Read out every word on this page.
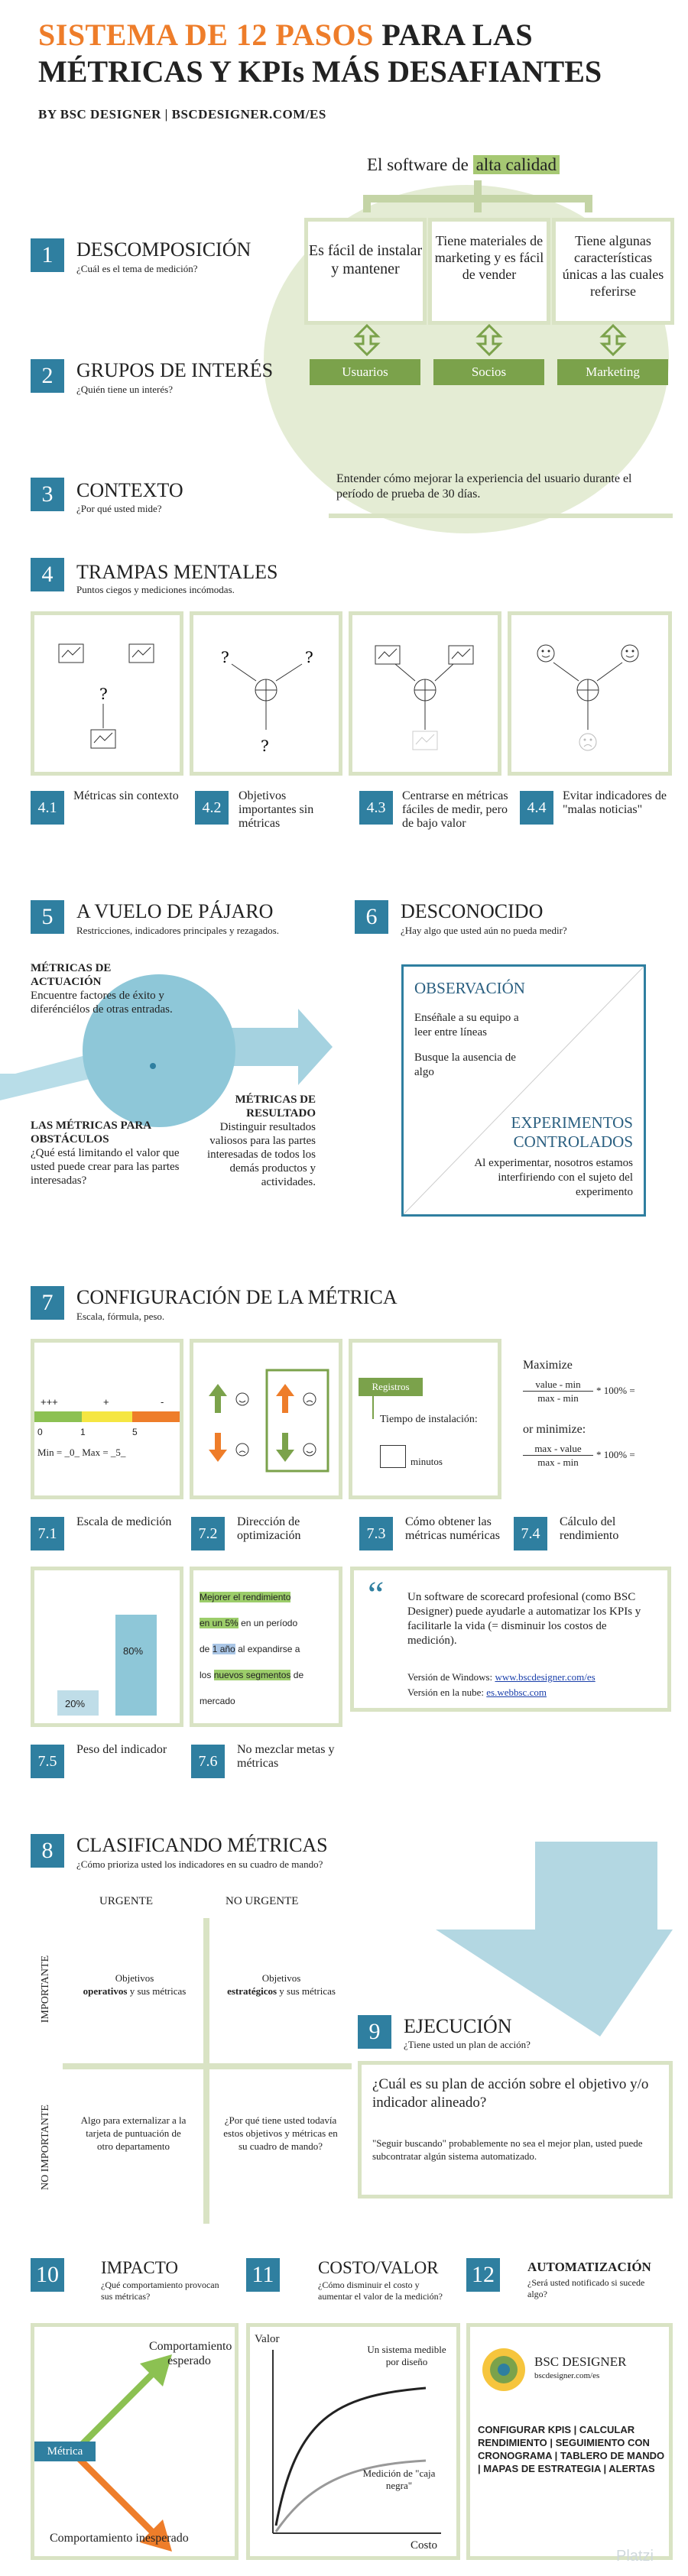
SISTEMA DE 12 PASOS PARA LAS
MÉTRICAS Y KPIs MÁS DESAFIANTES
BY BSC DESIGNER | BSCDESIGNER.COM/ES
El software de alta calidad
1	DESCOMPOSICIÓN
¿Cuál es el tema de medición?
Es fácil de instalar y mantener
Tiene materiales de marketing y es fácil de vender
Tiene algunas características únicas a las cuales referirse
Usuarios	Socios	Marketing
2	GRUPOS DE INTERÉS
¿Quién tiene un interés?
Entender cómo mejorar la experiencia del usuario durante el período de prueba de 30 días.
3	CONTEXTO
¿Por qué usted mide?
4	TRAMPAS MENTALES
Puntos ciegos y mediciones incómodas.
?
?	?
?
4.1
Métricas sin contexto
4.2
Objetivos importantes sin métricas
4.3
Centrarse en métricas fáciles de medir, pero de bajo valor
4.4
Evitar indicadores de "malas noticias"
5	A VUELO DE PÁJARO
Restricciones, indicadores principales y rezagados.
MÉTRICAS DE ACTUACIÓN
Encuentre factores de éxito y diferénciélos de otras entradas.
LAS MÉTRICAS PARA OBSTÁCULOS
¿Qué está limitando el valor que usted puede crear para las partes interesadas?
MÉTRICAS DE RESULTADO
Distinguir resultados valiosos para las partes interesadas de todos los demás productos y actividades.
6	DESCONOCIDO
¿Hay algo que usted aún no pueda medir?
OBSERVACIÓN
Enséñale a su equipo a leer entre líneas
Busque la ausencia de algo
EXPERIMENTOS CONTROLADOS
Al experimentar, nosotros estamos interfiriendo con el sujeto del experimento
7	CONFIGURACIÓN DE LA MÉTRICA
Escala, fórmula, peso.
+++	+	-
0	1	5
Min = _0_ Max = _5_
Registros
Tiempo de instalación:
minutos
Maximize
value - min
max - min
* 100% =
or minimize:
max - value
max - min
* 100% =
7.1
Escala de medición
7.2
Dirección de optimización	7.3
Cómo obtener las métricas numéricas	7.4
Cálculo del rendimiento
20%
80%
Mejorer el rendimiento
en un 5% en un período
de 1 año al expandirse a
los nuevos segmentos de
mercado
“ Un software de scorecard profesional (como BSC Designer) puede ayudarle a automatizar los KPIs y facilitarle la vida (= disminuir los costos de medición).
Versión de Windows: www.bscdesigner.com/es
Versión en la nube: es.webbsc.com
7.5
Peso del indicador
7.6
No mezclar metas y métricas
8	CLASIFICANDO MÉTRICAS
¿Cómo prioriza usted los indicadores en su cuadro de mando?
URGENTE	NO URGENTE
IMPORTANTE
NO IMPORTANTE
Objetivos
operativos y sus métricas
Objetivos
estratégicos y sus métricas
Algo para externalizar a la tarjeta de puntuación de otro departamento
¿Por qué tiene usted todavía estos objetivos y métricas en su cuadro de mando?
9	EJECUCIÓN
¿Tiene usted un plan de acción?
¿Cuál es su plan de acción sobre el objetivo y/o indicador alineado?
"Seguir buscando" probablemente no sea el mejor plan, usted puede subcontratar algún sistema automatizado.
10	IMPACTO
¿Qué comportamiento provocan sus métricas?
11	COSTO/VALOR
¿Cómo disminuir el costo y aumentar el valor de la medición?
12	AUTOMATIZACIÓN
¿Será usted notificado si sucede algo?
Comportamiento esperado
Métrica
Comportamiento inesperado
Valor
Costo
Un sistema medible por diseño
Medición de "caja negra"
BSC DESIGNER
bscdesigner.com/es
CONFIGURAR KPIS | CALCULAR RENDIMIENTO | SEGUIMIENTO CON CRONOGRAMA | TABLERO DE MANDO | MAPAS DE ESTRATEGIA | ALERTAS
Platzi
